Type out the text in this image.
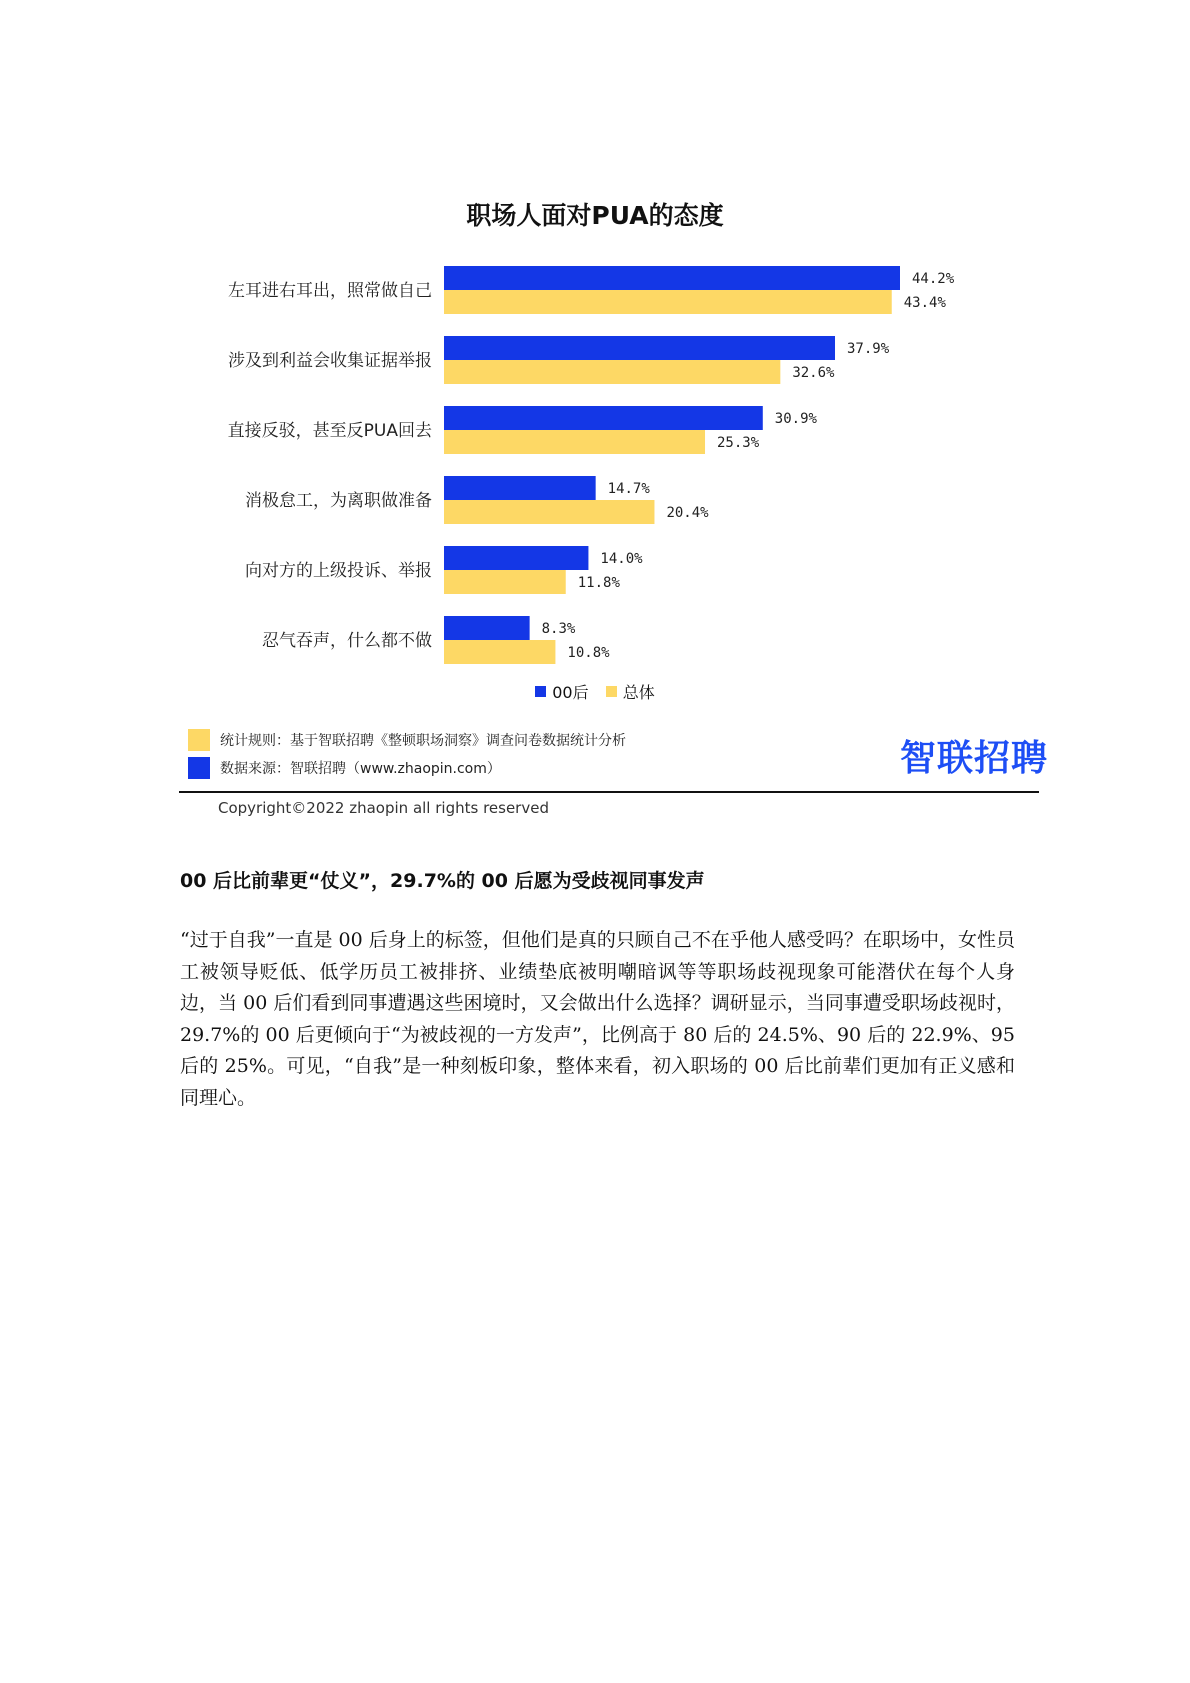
职场人面对PUA的态度
左耳进右耳出，照常做自己
44.2%
43.4%
涉及到利益会收集证据举报
37.9%
32.6%
直接反驳，甚至反PUA回去
30.9%
25.3%
消极怠工，为离职做准备
14.7%
20.4%
向对方的上级投诉、举报
14.0%
11.8%
忍气吞声，什么都不做
8.3%
10.8%
00后
总体
统计规则：基于智联招聘《整顿职场洞察》调查问卷数据统计分析
数据来源：智联招聘（www.zhaopin.com）	智联招聘
Copyright©2022 zhaopin all rights reserved
00 后比前辈更“仗义”，29.7%的 00 后愿为受歧视同事发声
“过于自我”一直是 00 后身上的标签，但他们是真的只顾自己不在乎他人感受吗？在职场中，女性员工被领导贬低、低学历员工被排挤、业绩垫底被明嘲暗讽等等职场歧视现象可能潜伏在每个人身边，当 00 后们看到同事遭遇这些困境时，又会做出什么选择？调研显示，当同事遭受职场歧视时，29.7%的 00 后更倾向于“为被歧视的一方发声”，比例高于 80 后的 24.5%、90 后的 22.9%、95 后的 25%。可见，“自我”是一种刻板印象，整体来看，初入职场的 00 后比前辈们更加有正义感和同理心。
